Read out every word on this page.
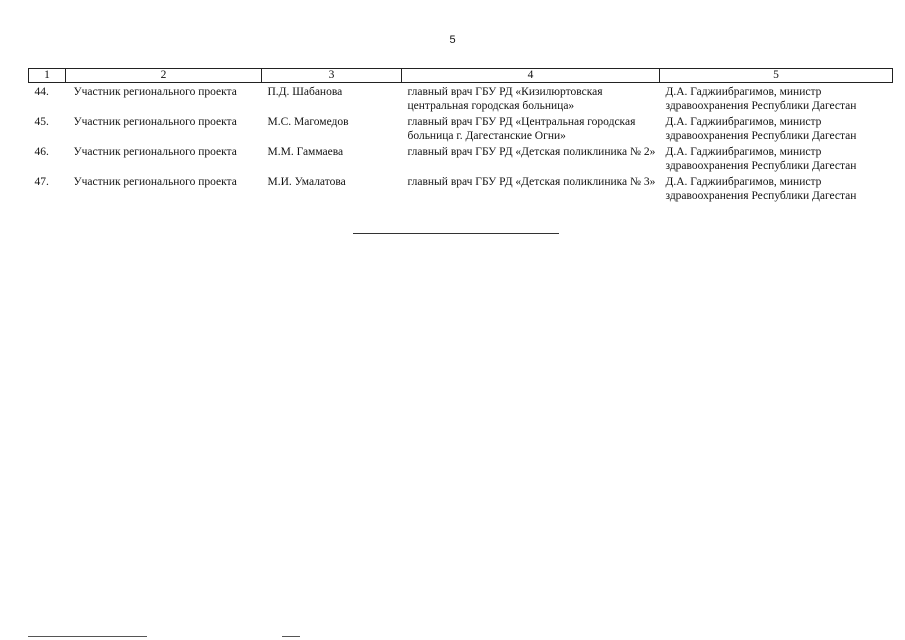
5
1	2	3	4	5
44.	Участник регионального проекта	П.Д. Шабанова	главный врач ГБУ РД «Кизилюртовская центральная городская больница»	Д.А. Гаджиибрагимов, министр здравоохранения Республики Дагестан
45.	Участник регионального проекта	М.С. Магомедов	главный врач ГБУ РД «Центральная городская больница г. Дагестанские Огни»	Д.А. Гаджиибрагимов, министр здравоохранения Республики Дагестан
46.	Участник регионального проекта	М.М. Гаммаева	главный врач ГБУ РД «Детская поликлиника № 2»	Д.А. Гаджиибрагимов, министр здравоохранения Республики Дагестан
47.	Участник регионального проекта	М.И. Умалатова	главный врач ГБУ РД «Детская поликлиника № 3»	Д.А. Гаджиибрагимов, министр здравоохранения Республики Дагестан
